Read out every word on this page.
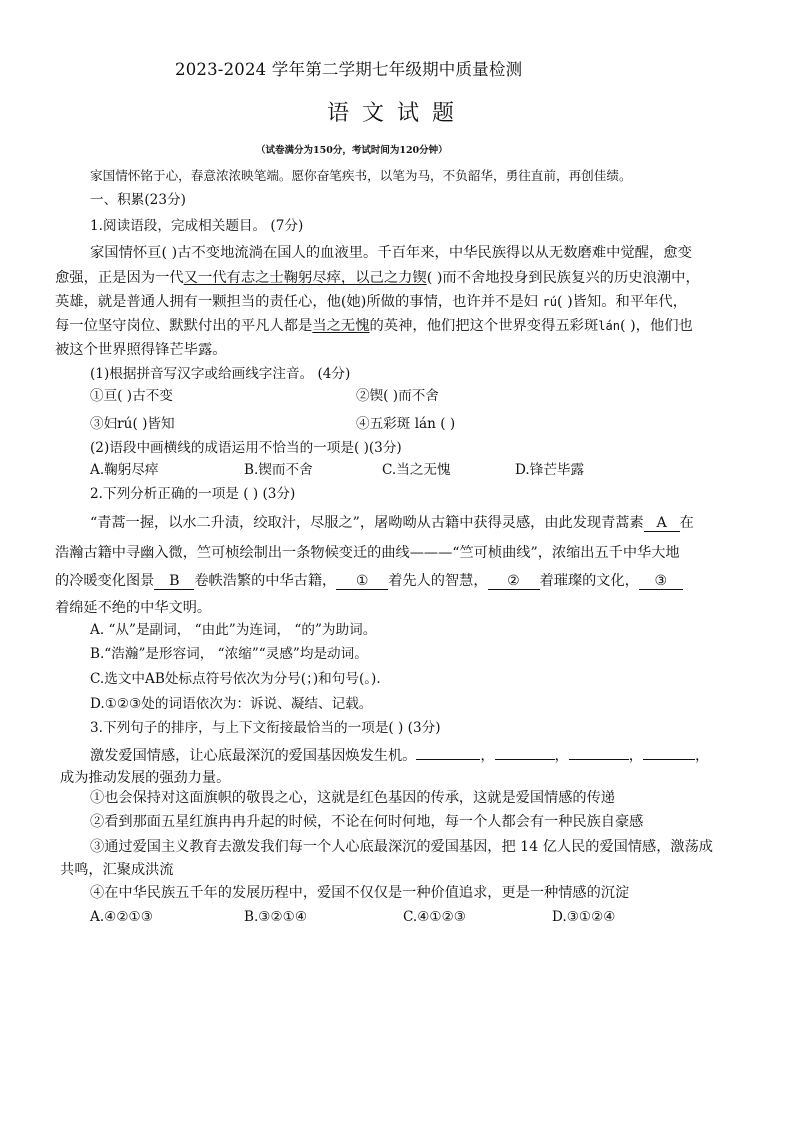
2023-2024 学年第二学期七年级期中质量检测
语文试题
（试卷满分为150分，考试时间为120分钟）
家国情怀铭于心，春意浓浓映笔端。愿你奋笔疾书，以笔为马，不负韶华，勇往直前，再创佳绩。
一、积累(23分)
1.阅读语段，完成相关题目。 (7分)
家国情怀亘( )古不变地流淌在国人的血液里。千百年来，中华民族得以从无数磨难中觉醒，愈变
愈强，正是因为一代又一代有志之士鞠躬尽瘁，以己之力锲( )而不舍地投身到民族复兴的历史浪潮中，
英雄，就是普通人拥有一颗担当的责任心，他(她)所做的事情，也许并不是妇 rú( )皆知。和平年代，
每一位坚守岗位、默默付出的平凡人都是当之无愧的英神，他们把这个世界变得五彩斑lán( )，他们也
被这个世界照得锋芒毕露。
(1)根据拼音写汉字或给画线字注音。 (4分)
①亘( )古不变	②锲( )而不舍
③妇rú( )皆知	④五彩斑 lán ( )
(2)语段中画横线的成语运用不恰当的一项是( )(3分)
A.鞠躬尽瘁	B.锲而不舍	C.当之无愧	D.锋芒毕露
2.下列分析正确的一项是 ( ) (3分)
“青蒿一握，以水二升渍，绞取汁，尽服之”，屠呦呦从古籍中获得灵感，由此发现青蒿素 A 在
浩瀚古籍中寻幽入微，竺可桢绘制出一条物候变迁的曲线———“竺可桢曲线”，浓缩出五千中华大地
的冷暖变化图景 B 卷帙浩繁的中华古籍， ① 着先人的智慧， ② 着璀璨的文化， ③
着绵延不绝的中华文明。
A. “从”是副词， “由此”为连词， “的”为助词。
B.“浩瀚”是形容词， “浓缩”“灵感”均是动词。
C.选文中AB处标点符号依次为分号(；)和句号(。).
D.①②③处的词语依次为：诉说、凝结、记载。
3.下列句子的排序，与上下文衔接最恰当的一项是( ) (3分)
激发爱国情感，让心底最深沉的爱国基因焕发生机。	，	，	，	，
成为推动发展的强劲力量。
①也会保持对这面旗帜的敬畏之心，这就是红色基因的传承，这就是爱国情感的传递
②看到那面五星红旗冉冉升起的时候，不论在何时何地，每一个人都会有一种民族自豪感
③通过爱国主义教育去激发我们每一个人心底最深沉的爱国基因，把 14 亿人民的爱国情感，激荡成
共鸣，汇聚成洪流
④在中华民族五千年的发展历程中，爱国不仅仅是一种价值追求，更是一种情感的沉淀
A.④②①③	B.③②①④	C.④①②③	D.③①②④
